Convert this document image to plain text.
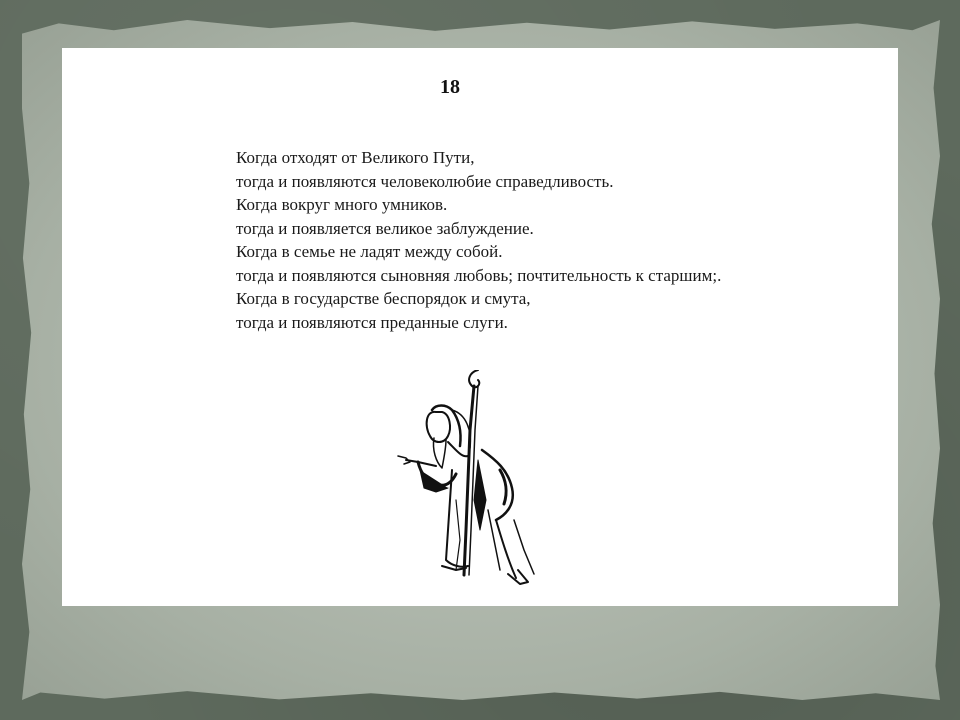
18
Когда отходят от Великого Пути,
тогда и появляются человеколюбие справедливость.
Когда вокруг много умников.
тогда и появляется великое заблуждение.
Когда в семье не ладят между собой.
тогда и появляются сыновняя любовь; почтительность к старшим;.
Когда в государстве беспорядок и смута,
тогда и появляются преданные слуги.
